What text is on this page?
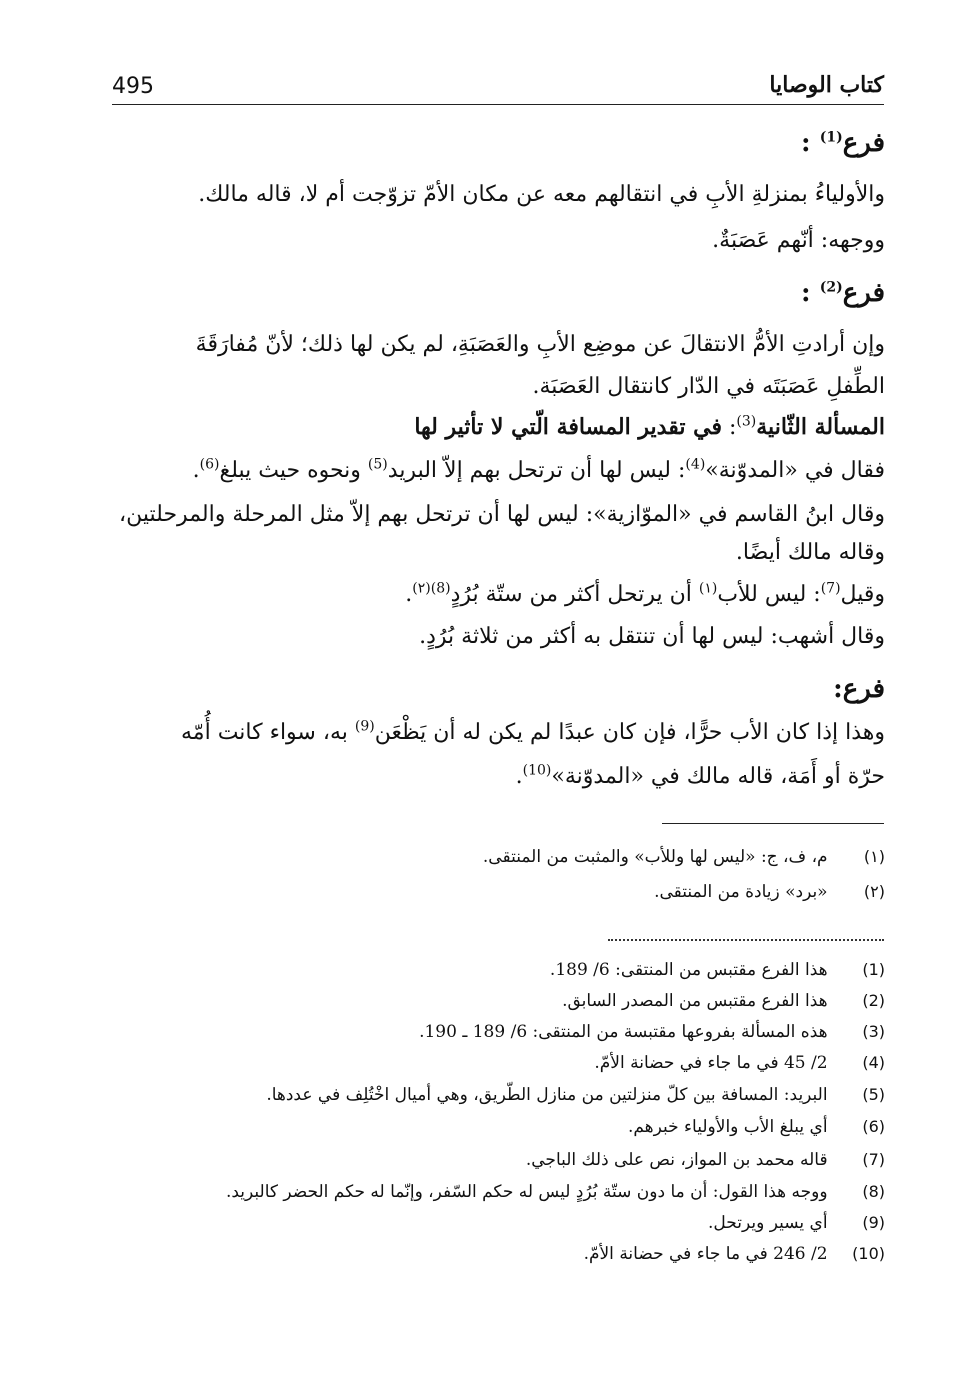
495	كتاب الوصايا
فرع$^{(1)}$ :
والأولياءُ بمنزلةِ الأبِ في انتقالهم معه عن مكان الأمّ تزوّجت أم لا، قاله مالك.
ووجهه: أنّهم عَصَبَةٌ.
فرع$^{(2)}$ :
وإن أرادتِ الأمُّ الانتقالَ عن موضِع الأبِ والعَصَبَةِ، لم يكن لها ذلك؛ لأنّ مُفارَقَةَ
الطِّفلِ عَصَبَتَه في الدّار كانتقال العَصَبَة.
المسألة الثّانية$^{(3)}$: في تقدير المسافة الّتي لا تأثير لها
فقال في «المدوّنة»$^{(4)}$: ليس لها أن ترتحل بهم إلاّ البريد$^{(5)}$ ونحوه حيث يبلغ$^{(6)}$.
وقال ابنُ القاسم في «الموّازية»: ليس لها أن ترتحل بهم إلاّ مثل المرحلة والمرحلتين،
وقاله مالك أيضًا.
وقيل$^{(7)}$: ليس للأب$^{(١)}$ أن يرتحل أكثر من ستّة بُرُدٍ$^{(8)(٢)}$.
وقال أشهب: ليس لها أن تنتقل به أكثر من ثلاثة بُرُدٍ.
فرع:
وهذا إذا كان الأب حرًّا، فإن كان عبدًا لم يكن له أن يَظْعَن$^{(9)}$ به، سواء كانت أُمّه
حرّة أو أَمَة، قاله مالك في «المدوّنة»$^{(10)}$.
(١) م، ف، ج: «ليس لها وللأب» والمثبت من المنتقى.
(٢) «برد» زيادة من المنتقى.
(1) هذا الفرع مقتبس من المنتقى: 6/ 189.
(2) هذا الفرع مقتبس من المصدر السابق.
(3) هذه المسألة بفروعها مقتبسة من المنتقى: 6/ 189 ـ 190.
(4) 2/ 45 في ما جاء في حضانة الأمّ.
(5) البريد: المسافة بين كلّ منزلتين من منازل الطّريق، وهي أميال اخْتُلِف في عددها.
(6) أي يبلغ الأب والأولياء خبرهم.
(7) قاله محمد بن المواز، نص على ذلك الباجي.
(8) ووجه هذا القول: أن ما دون ستّة بُرُدٍ ليس له حكم السّفر، وإنّما له حكم الحضر كالبريد.
(9) أي يسير ويرتحل.
(10) 2/ 246 في ما جاء في حضانة الأمّ.
